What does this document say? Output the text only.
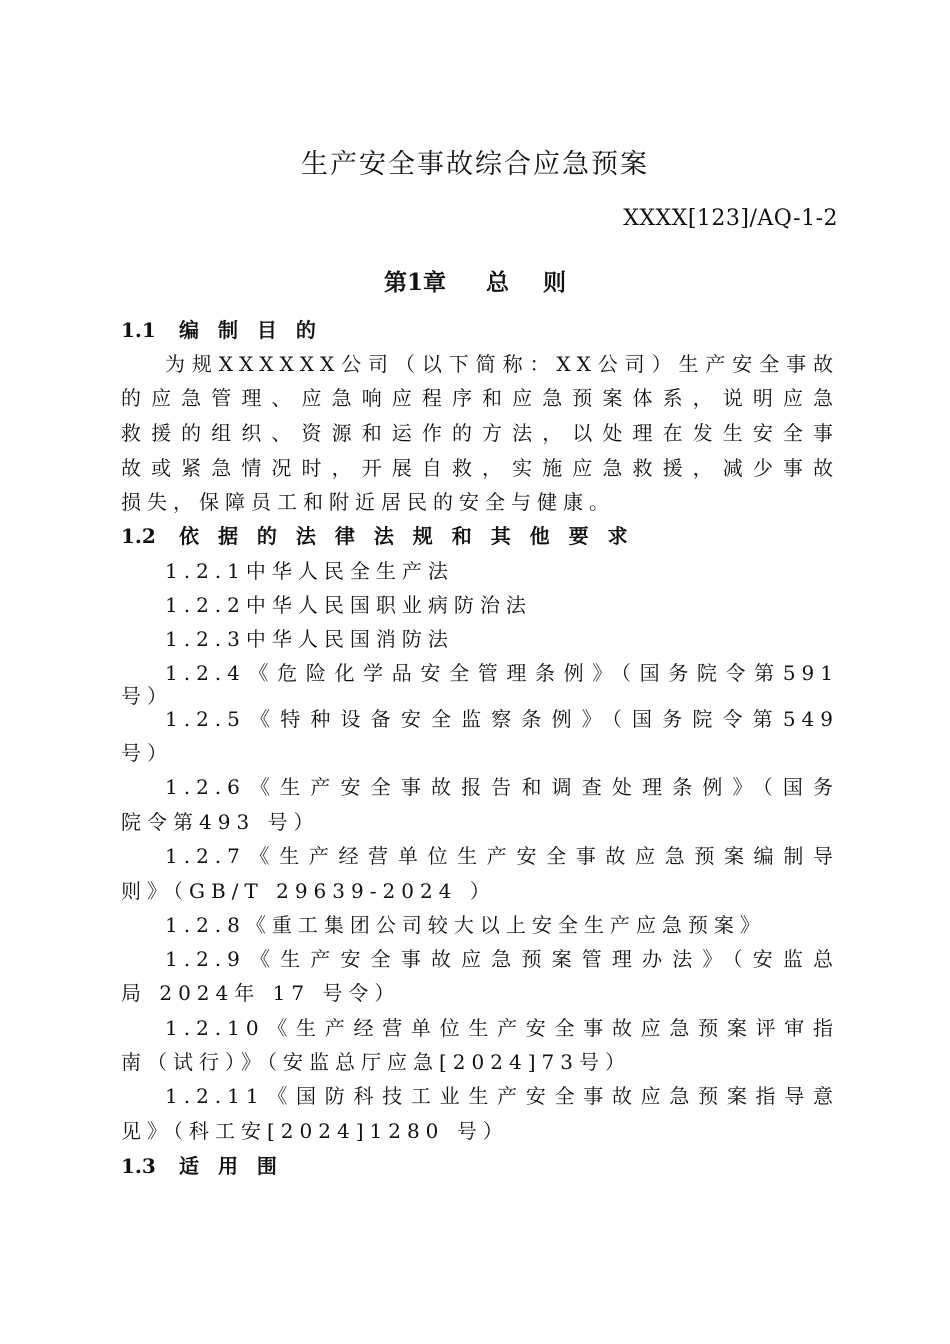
生产安全事故综合应急预案
XXXX[123]/AQ-1-2
第1章 总 则
1.1 编 制 目 的
为规XXXXXX公司（以下简称：XX公司）生产安全事故
的应急管理、应急响应程序和应急预案体系，说明应急
救援的组织、资源和运作的方法，以处理在发生安全事
故或紧急情况时，开展自救，实施应急救援，减少事故
损失，保障员工和附近居民的安全与健康。
1.2 依 据 的 法 律 法 规 和 其 他 要 求
1.2.1中华人民全生产法
1.2.2中华人民国职业病防治法
1.2.3中华人民国消防法
1.2.4《危险化学品安全管理条例》（国务院令第591
号）
1.2.5《特种设备安全监察条例》（国务院令第549
号）
1.2.6《生产安全事故报告和调查处理条例》（国务
院令第493 号）
1.2.7《生产经营单位生产安全事故应急预案编制导
则》（GB/T 29639-2024 ）
1.2.8《重工集团公司较大以上安全生产应急预案》
1.2.9《生产安全事故应急预案管理办法》（安监总
局 2024年 17 号令）
1.2.10《生产经营单位生产安全事故应急预案评审指
南（试行）》（安监总厅应急[2024]73号）
1.2.11《国防科技工业生产安全事故应急预案指导意
见》（科工安[2024]1280 号）
1.3 适 用 围
